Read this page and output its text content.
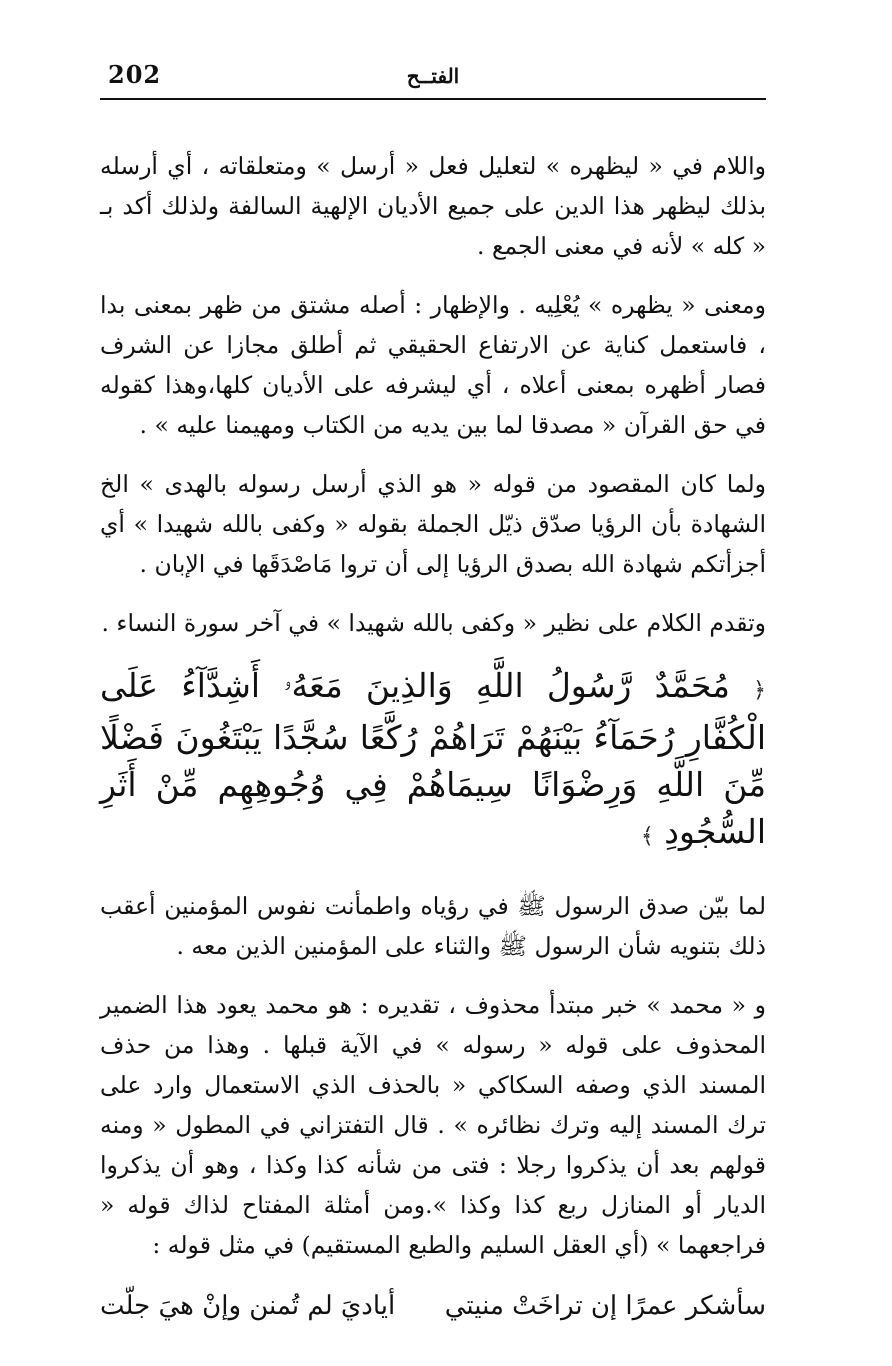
202	الفتــح

واللام في « ليظهره » لتعليل فعل « أرسل » ومتعلقاته ، أي أرسله بذلك ليظهر هذا الدين على جميع الأديان الإلهية السالفة ولذلك أكد بـ « كله » لأنه في معنى الجمع .

ومعنى « يظهره » يُعْلِيه . والإظهار : أصله مشتق من ظهر بمعنى بدا ، فاستعمل كناية عن الارتفاع الحقيقي ثم أطلق مجازا عن الشرف فصار أظهره بمعنى أعلاه ، أي ليشرفه على الأديان كلها،وهذا كقوله في حق القرآن « مصدقا لما بين يديه من الكتاب ومهيمنا عليه » .

ولما كان المقصود من قوله « هو الذي أرسل رسوله بالهدى » الخ الشهادة بأن الرؤيا صدّق ذيّل الجملة بقوله « وكفى بالله شهيدا » أي أجزأتكم شهادة الله بصدق الرؤيا إلى أن تروا مَاصْدَقَها في الإبان .

وتقدم الكلام على نظير « وكفى بالله شهيدا » في آخر سورة النساء .

﴿ مُحَمَّدٌ رَّسُولُ اللَّهِ وَالذِينَ مَعَهُۥ أَشِدَّآءُ عَلَى الْكُفَّارِ رُحَمَآءُ بَيْنَهُمْ تَرَاهُمْ رُكَّعًا سُجَّدًا يَبْتَغُونَ فَضْلًا مِّنَ اللَّهِ وَرِضْوَانًا سِيمَاهُمْ فِي وُجُوهِهِم مِّنْ أَثَرِ السُّجُودِ ﴾

لما بيّن صدق الرسول ﷺ في رؤياه واطمأنت نفوس المؤمنين أعقب ذلك بتنويه شأن الرسول ﷺ والثناء على المؤمنين الذين معه .

و « محمد » خبر مبتدأ محذوف ، تقديره : هو محمد يعود هذا الضمير المحذوف على قوله « رسوله » في الآية قبلها . وهذا من حذف المسند الذي وصفه السكاكي « بالحذف الذي الاستعمال وارد على ترك المسند إليه وترك نظائره » . قال التفتزاني في المطول « ومنه قولهم بعد أن يذكروا رجلا : فتى من شأنه كذا وكذا ، وهو أن يذكروا الديار أو المنازل ربع كذا وكذا ».ومن أمثلة المفتاح لذاك قوله « فراجعهما » (أي العقل السليم والطبع المستقيم) في مثل قوله :

سأشكر عمرًا إن تراخَتْ منيتي
أياديَ لم تُمنن وإنْ هيَ جلّت
